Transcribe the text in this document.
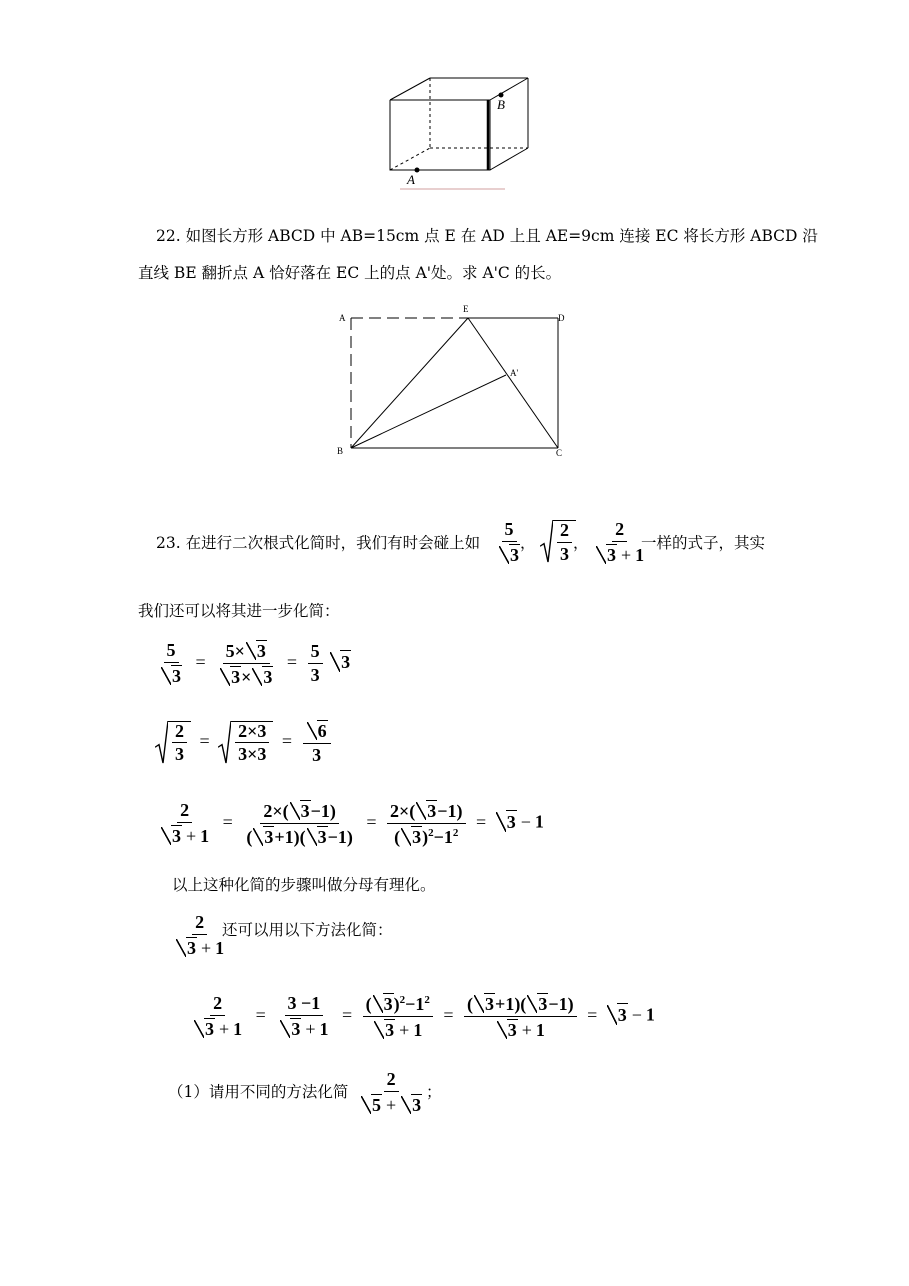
A
B
22. 如图长方形 ABCD 中 AB=15cm 点 E 在 AD 上且 AE=9cm 连接 EC 将长方形 ABCD 沿
直线 BE 翻折点 A 恰好落在 EC 上的点 A'处。求 A'C 的长。
A
E
D
A'
B	C
23. 在进行二次根式化简时，我们有时会碰上如 $\frac{5}{3}$
， $\frac{2}{3}$ ， $\frac{2}{3 + 1}$
一样的式子，其实
我们还可以将其进一步化简：
$\frac{5}{3} = \frac{5\times 3}{3\times 3} = \frac{5}{3} 3$
$\frac{2}{3} = \frac{2\times 3}{3\times 3} = \frac{6}{3}$
$\frac{2}{3 + 1} = \frac{2\times( 3-1)}{( 3+1)( 3-1)} = \frac{2\times( 3-1)}{( 3)^2-1^2} = 3 - 1$
以上这种化简的步骤叫做分母有理化。
$\frac{2}{3 + 1}$
还可以用以下方法化简：
$\frac{2}{3 + 1} = \frac{3 -1}{3 + 1} = \frac{( 3)^2-1^2}{3 + 1} = \frac{( 3+1)( 3-1)}{3 + 1} = 3 - 1$
（1）请用不同的方法化简 $\frac{2}{5 + 3}$ ；
